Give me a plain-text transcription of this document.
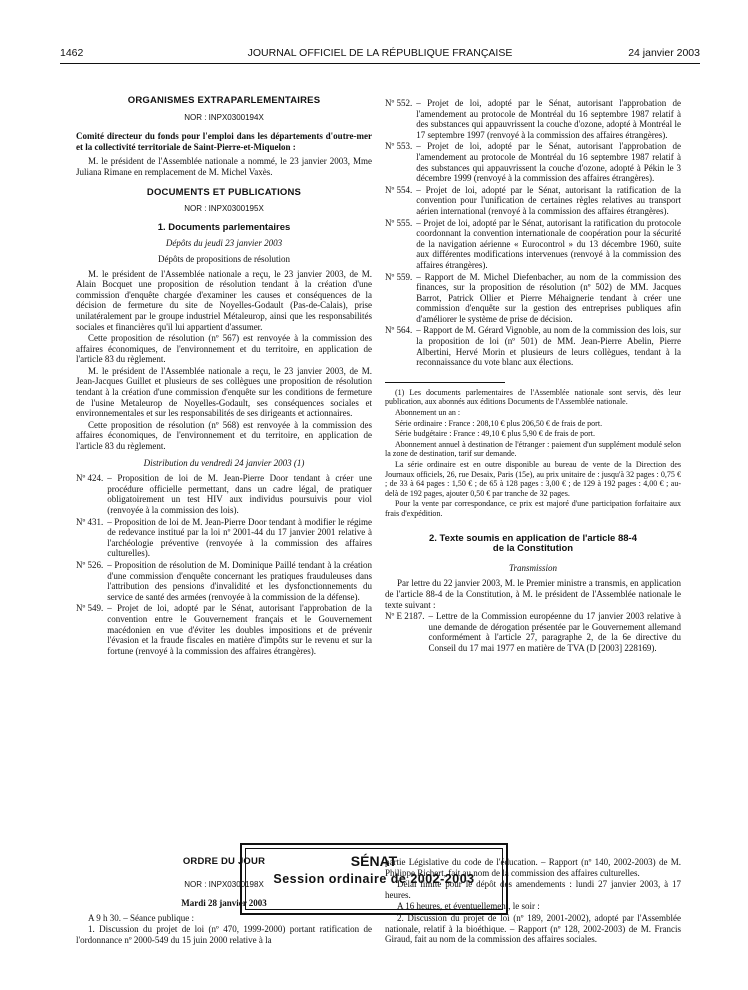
1462	JOURNAL OFFICIEL DE LA RÉPUBLIQUE FRANÇAISE	24 janvier 2003
ORGANISMES EXTRAPARLEMENTAIRES
NOR : INPX0300194X

Comité directeur du fonds pour l'emploi dans les départements d'outre-mer et la collectivité territoriale de Saint-Pierre-et-Miquelon :

M. le président de l'Assemblée nationale a nommé, le 23 janvier 2003, Mme Juliana Rimane en remplacement de M. Michel Vaxès.

DOCUMENTS ET PUBLICATIONS
NOR : INPX0300195X
1. Documents parlementaires
Dépôts du jeudi 23 janvier 2003
Dépôts de propositions de résolution

M. le président de l'Assemblée nationale a reçu, le 23 janvier 2003, de M. Alain Bocquet une proposition de résolution tendant à la création d'une commission d'enquête chargée d'examiner les causes et conséquences de la décision de fermeture du site de Noyelles-Godault (Pas-de-Calais), prise unilatéralement par le groupe industriel Métaleurop, ainsi que les responsabilités sociales et financières qu'il lui appartient d'assumer.

Cette proposition de résolution (nº 567) est renvoyée à la commission des affaires économiques, de l'environnement et du territoire, en application de l'article 83 du règlement.

M. le président de l'Assemblée nationale a reçu, le 23 janvier 2003, de M. Jean-Jacques Guillet et plusieurs de ses collègues une proposition de résolution tendant à la création d'une commission d'enquête sur les conditions de fermeture de l'usine Metaleurop de Noyelles-Godault, ses conséquences sociales et environnementales et sur les responsabilités de ses dirigeants et actionnaires.

Cette proposition de résolution (nº 568) est renvoyée à la commission des affaires économiques, de l'environnement et du territoire, en application de l'article 83 du règlement.

Distribution du vendredi 24 janvier 2003 (1)
Nº 424. – Proposition de loi de M. Jean-Pierre Door tendant à créer une procédure officielle permettant, dans un cadre légal, de pratiquer obligatoirement un test HIV aux individus poursuivis pour viol (renvoyée à la commission des lois).
Nº 431. – Proposition de loi de M. Jean-Pierre Door tendant à modifier le régime de redevance institué par la loi nº 2001-44 du 17 janvier 2001 relative à l'archéologie préventive (renvoyée à la commission des affaires culturelles).
Nº 526. – Proposition de résolution de M. Dominique Paillé tendant à la création d'une commission d'enquête concernant les pratiques frauduleuses dans l'attribution des pensions d'invalidité et les dysfonctionnements du service de santé des armées (renvoyée à la commission de la défense).
Nº 549. – Projet de loi, adopté par le Sénat, autorisant l'approbation de la convention entre le Gouvernement français et le Gouvernement macédonien en vue d'éviter les doubles impositions et de prévenir l'évasion et la fraude fiscales en matière d'impôts sur le revenu et sur la fortune (renvoyé à la commission des affaires étrangères).
Nº 552. – Projet de loi, adopté par le Sénat, autorisant l'approbation de l'amendement au protocole de Montréal du 16 septembre 1987 relatif à des substances qui appauvrissent la couche d'ozone, adopté à Montréal le 17 septembre 1997 (renvoyé à la commission des affaires étrangères).
Nº 553. – Projet de loi, adopté par le Sénat, autorisant l'approbation de l'amendement au protocole de Montréal du 16 septembre 1987 relatif à des substances qui appauvrissent la couche d'ozone, adopté à Pékin le 3 décembre 1999 (renvoyé à la commission des affaires étrangères).
Nº 554. – Projet de loi, adopté par le Sénat, autorisant la ratification de la convention pour l'unification de certaines règles relatives au transport aérien international (renvoyé à la commission des affaires étrangères).
Nº 555. – Projet de loi, adopté par le Sénat, autorisant la ratification du protocole coordonnant la convention internationale de coopération pour la sécurité de la navigation aérienne « Eurocontrol » du 13 décembre 1960, suite aux différentes modifications intervenues (renvoyé à la commission des affaires étrangères).
Nº 559. – Rapport de M. Michel Diefenbacher, au nom de la commission des finances, sur la proposition de résolution (nº 502) de MM. Jacques Barrot, Patrick Ollier et Pierre Méhaignerie tendant à créer une commission d'enquête sur la gestion des entreprises publiques afin d'améliorer le système de prise de décision.
Nº 564. – Rapport de M. Gérard Vignoble, au nom de la commission des lois, sur la proposition de loi (nº 501) de MM. Jean-Pierre Abelin, Pierre Albertini, Hervé Morin et plusieurs de leurs collègues, tendant à la reconnaissance du vote blanc aux élections.

(1) Les documents parlementaires de l'Assemblée nationale sont servis, dès leur publication, aux abonnés aux éditions Documents de l'Assemblée nationale.

Abonnement un an :

Série ordinaire : France : 208,10 € plus 206,50 € de frais de port.

Série budgétaire : France : 49,10 € plus 5,90 € de frais de port.

Abonnement annuel à destination de l'étranger : paiement d'un supplément modulé selon la zone de destination, tarif sur demande.

La série ordinaire est en outre disponible au bureau de vente de la Direction des Journaux officiels, 26, rue Desaix, Paris (15e), au prix unitaire de : jusqu'à 32 pages : 0,75 € ; de 33 à 64 pages : 1,50 € ; de 65 à 128 pages : 3,00 € ; de 129 à 192 pages : 4,00 € ; au-delà de 192 pages, ajouter 0,50 € par tranche de 32 pages.

Pour la vente par correspondance, ce prix est majoré d'une participation forfaitaire aux frais d'expédition.

2. Texte soumis en application de l'article 88-4 de la Constitution
Transmission

Par lettre du 22 janvier 2003, M. le Premier ministre a transmis, en application de l'article 88-4 de la Constitution, à M. le président de l'Assemblée nationale le texte suivant :

Nº E 2187. – Lettre de la Commission européenne du 17 janvier 2003 relative à une demande de dérogation présentée par le Gouvernement allemand conformément à l'article 27, paragraphe 2, de la 6e directive du Conseil du 17 mai 1977 en matière de TVA (D [2003] 228169).
SÉNAT
Session ordinaire de 2002-2003
ORDRE DU JOUR
NOR : INPX0300198X
Mardi 28 janvier 2003

A 9 h 30. – Séance publique :

1. Discussion du projet de loi (nº 470, 1999-2000) portant ratification de l'ordonnance nº 2000-549 du 15 juin 2000 relative à la

partie Législative du code de l'éducation. – Rapport (nº 140, 2002-2003) de M. Philippe Richert, fait au nom de la commission des affaires culturelles.

Délai limite pour le dépôt des amendements : lundi 27 janvier 2003, à 17 heures.

A 16 heures, et éventuellement, le soir :

2. Discussion du projet de loi (nº 189, 2001-2002), adopté par l'Assemblée nationale, relatif à la bioéthique. – Rapport (nº 128, 2002-2003) de M. Francis Giraud, fait au nom de la commission des affaires sociales.
